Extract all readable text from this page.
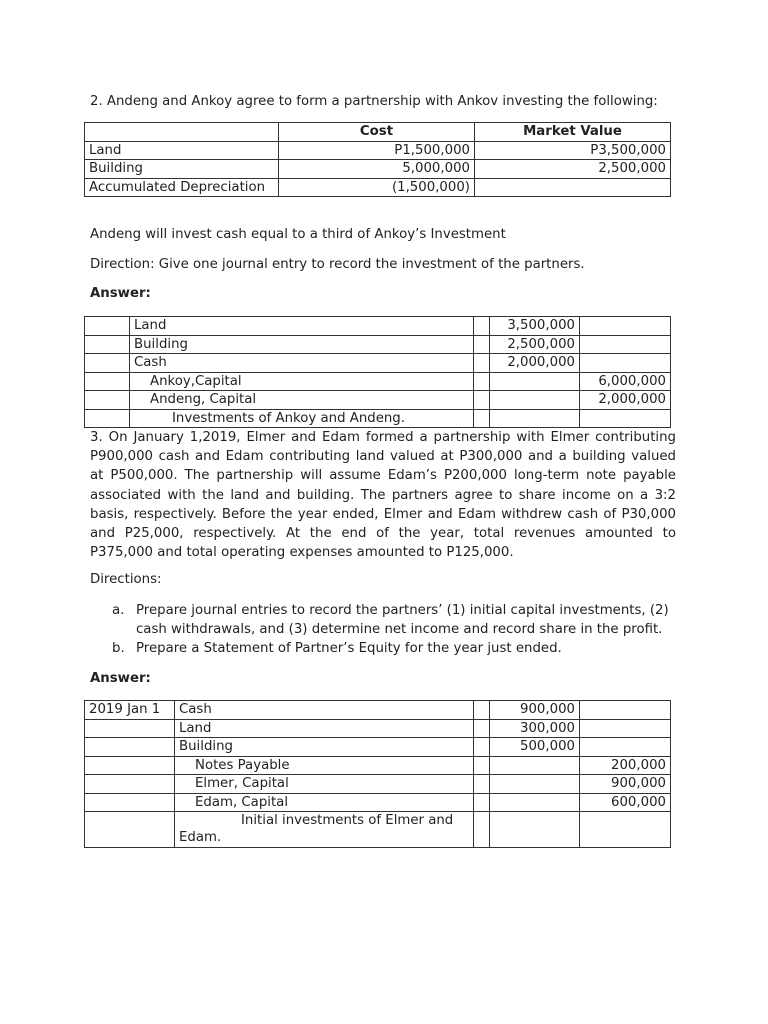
2. Andeng and Ankoy agree to form a partnership with Ankov investing the following:
	Cost	Market Value
Land	P1,500,000	P3,500,000
Building	5,000,000	2,500,000
Accumulated Depreciation	(1,500,000)	
Andeng will invest cash equal to a third of Ankoy’s Investment
Direction: Give one journal entry to record the investment of the partners.
Answer:
	Land		3,500,000	
	Building		2,500,000	
	Cash		2,000,000	
	Ankoy,Capital			6,000,000
	Andeng, Capital			2,000,000
	Investments of Ankoy and Andeng.			
3. On January 1,2019, Elmer and Edam formed a partnership with Elmer contributing P900,000 cash and Edam contributing land valued at P300,000 and a building valued at P500,000. The partnership will assume Edam’s P200,000 long-term note payable associated with the land and building. The partners agree to share income on a 3:2 basis, respectively. Before the year ended, Elmer and Edam withdrew cash of P30,000 and P25,000, respectively. At the end of the year, total revenues amounted to P375,000 and total operating expenses amounted to P125,000.
Directions:
a. Prepare journal entries to record the partners’ (1) initial capital investments, (2) cash withdrawals, and (3) determine net income and record share in the profit.
b. Prepare a Statement of Partner’s Equity for the year just ended.
Answer:
2019 Jan 1	Cash		900,000	
	Land		300,000	
	Building		500,000	
	Notes Payable			200,000
	Elmer, Capital			900,000
	Edam, Capital			600,000

	Initial investments of Elmer and
Edam.			
